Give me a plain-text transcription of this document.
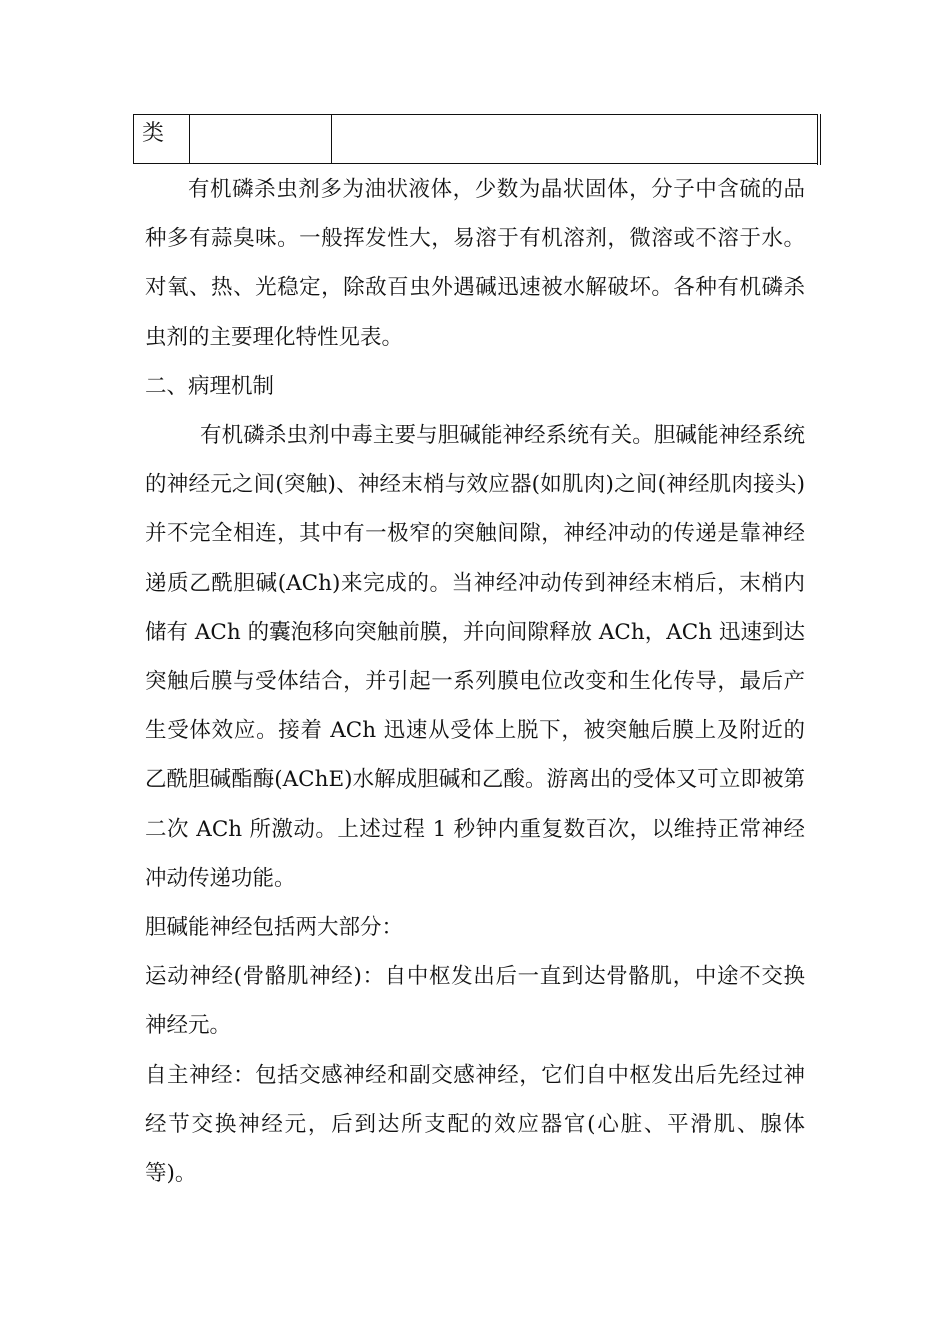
类

有机磷杀虫剂多为油状液体，少数为晶状固体，分子中含硫的品种多有蒜臭味。一般挥发性大，易溶于有机溶剂，微溶或不溶于水。对氧、热、光稳定，除敌百虫外遇碱迅速被水解破坏。各种有机磷杀虫剂的主要理化特性见表。

二、病理机制

有机磷杀虫剂中毒主要与胆碱能神经系统有关。胆碱能神经系统的神经元之间(突触)、神经末梢与效应器(如肌肉)之间(神经肌肉接头)并不完全相连，其中有一极窄的突触间隙，神经冲动的传递是靠神经递质乙酰胆碱(ACh)来完成的。当神经冲动传到神经末梢后，末梢内储有 ACh 的囊泡移向突触前膜，并向间隙释放 ACh，ACh 迅速到达突触后膜与受体结合，并引起一系列膜电位改变和生化传导，最后产生受体效应。接着 ACh 迅速从受体上脱下，被突触后膜上及附近的乙酰胆碱酯酶(AChE)水解成胆碱和乙酸。游离出的受体又可立即被第二次 ACh 所激动。上述过程 1 秒钟内重复数百次，以维持正常神经冲动传递功能。

胆碱能神经包括两大部分：

运动神经(骨骼肌神经)：自中枢发出后一直到达骨骼肌，中途不交换神经元。

自主神经：包括交感神经和副交感神经，它们自中枢发出后先经过神经节交换神经元，后到达所支配的效应器官(心脏、平滑肌、腺体等)。
